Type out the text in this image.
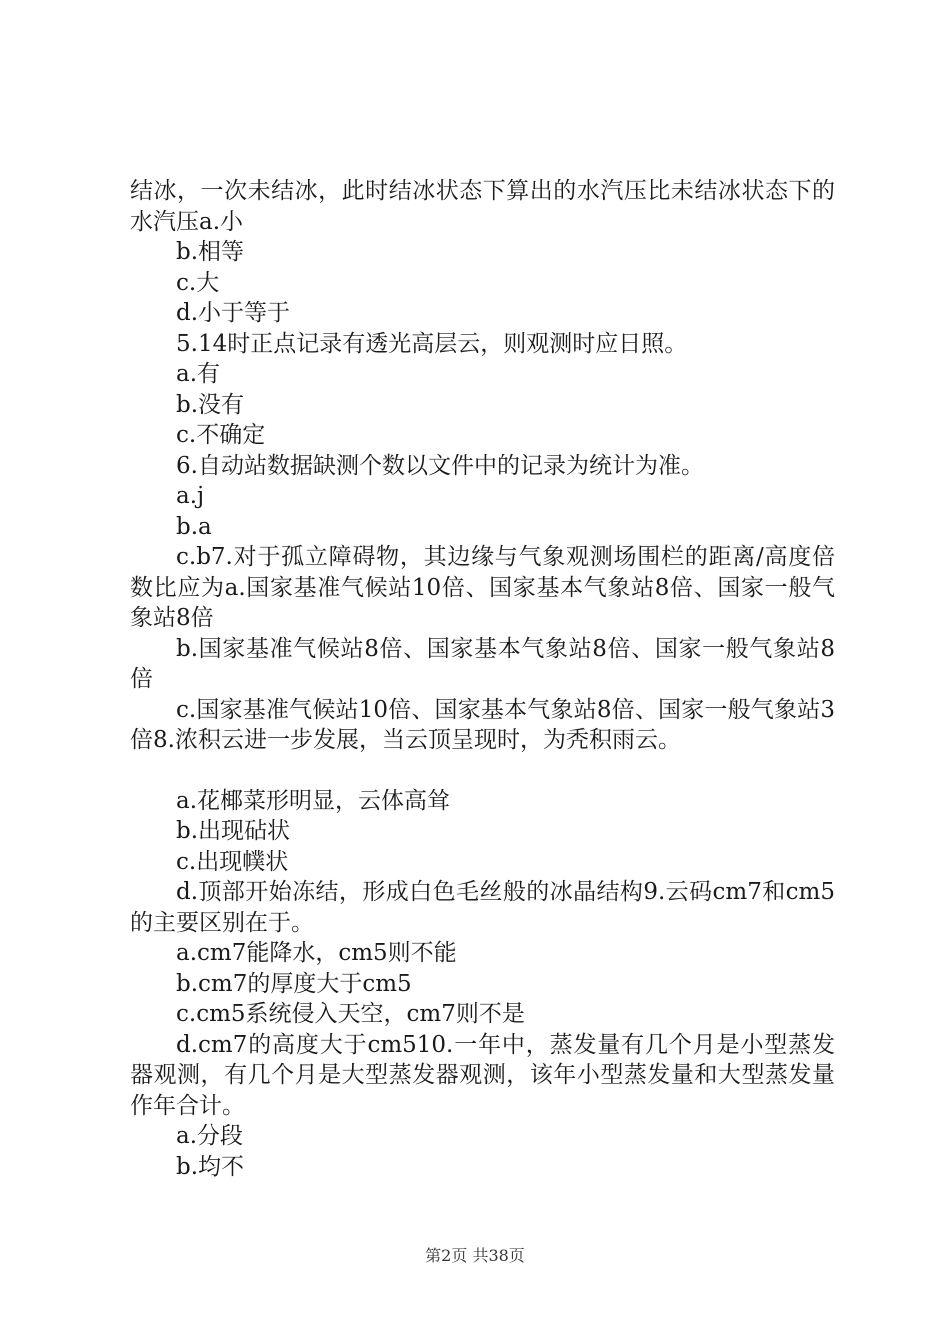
结冰，一次未结冰，此时结冰状态下算出的水汽压比未结冰状态下的水汽压a.小

b.相等

c.大

d.小于等于

5.14时正点记录有透光高层云，则观测时应日照。

a.有

b.没有

c.不确定

6.自动站数据缺测个数以文件中的记录为统计为准。

a.j

b.a

c.b7.对于孤立障碍物，其边缘与气象观测场围栏的距离/高度倍数比应为a.国家基准气候站10倍、国家基本气象站8倍、国家一般气象站8倍

b.国家基准气候站8倍、国家基本气象站8倍、国家一般气象站8倍

c.国家基准气候站10倍、国家基本气象站8倍、国家一般气象站3倍8.浓积云进一步发展，当云顶呈现时，为秃积雨云。

a.花椰菜形明显，云体高耸

b.出现砧状

c.出现幞状

d.顶部开始冻结，形成白色毛丝般的冰晶结构9.云码cm7和cm5的主要区别在于。

a.cm7能降水，cm5则不能

b.cm7的厚度大于cm5

c.cm5系统侵入天空，cm7则不是

d.cm7的高度大于cm510.一年中，蒸发量有几个月是小型蒸发器观测，有几个月是大型蒸发器观测，该年小型蒸发量和大型蒸发量作年合计。

a.分段

b.均不

第2页 共38页
